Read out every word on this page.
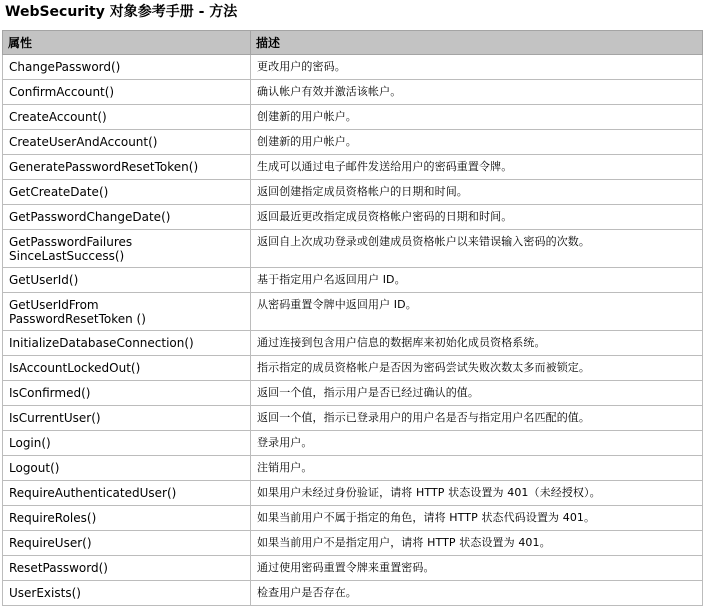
WebSecurity 对象参考手册 - 方法
属性	描述
ChangePassword()	更改用户的密码。
ConfirmAccount()	确认帐户有效并激活该帐户。
CreateAccount()	创建新的用户帐户。
CreateUserAndAccount()	创建新的用户帐户。
GeneratePasswordResetToken()	生成可以通过电子邮件发送给用户的密码重置令牌。
GetCreateDate()	返回创建指定成员资格帐户的日期和时间。
GetPasswordChangeDate()	返回最近更改指定成员资格帐户密码的日期和时间。
GetPasswordFailures
SinceLastSuccess()	返回自上次成功登录或创建成员资格帐户以来错误输入密码的次数。
GetUserId()	基于指定用户名返回用户 ID。
GetUserIdFrom
PasswordResetToken ()	从密码重置令牌中返回用户 ID。
InitializeDatabaseConnection()	通过连接到包含用户信息的数据库来初始化成员资格系统。
IsAccountLockedOut()	指示指定的成员资格帐户是否因为密码尝试失败次数太多而被锁定。
IsConfirmed()	返回一个值，指示用户是否已经过确认的值。
IsCurrentUser()	返回一个值，指示已登录用户的用户名是否与指定用户名匹配的值。
Login()	登录用户。
Logout()	注销用户。
RequireAuthenticatedUser()	如果用户未经过身份验证，请将 HTTP 状态设置为 401（未经授权）。
RequireRoles()	如果当前用户不属于指定的角色，请将 HTTP 状态代码设置为 401。
RequireUser()	如果当前用户不是指定用户，请将 HTTP 状态设置为 401。
ResetPassword()	通过使用密码重置令牌来重置密码。
UserExists()	检查用户是否存在。
